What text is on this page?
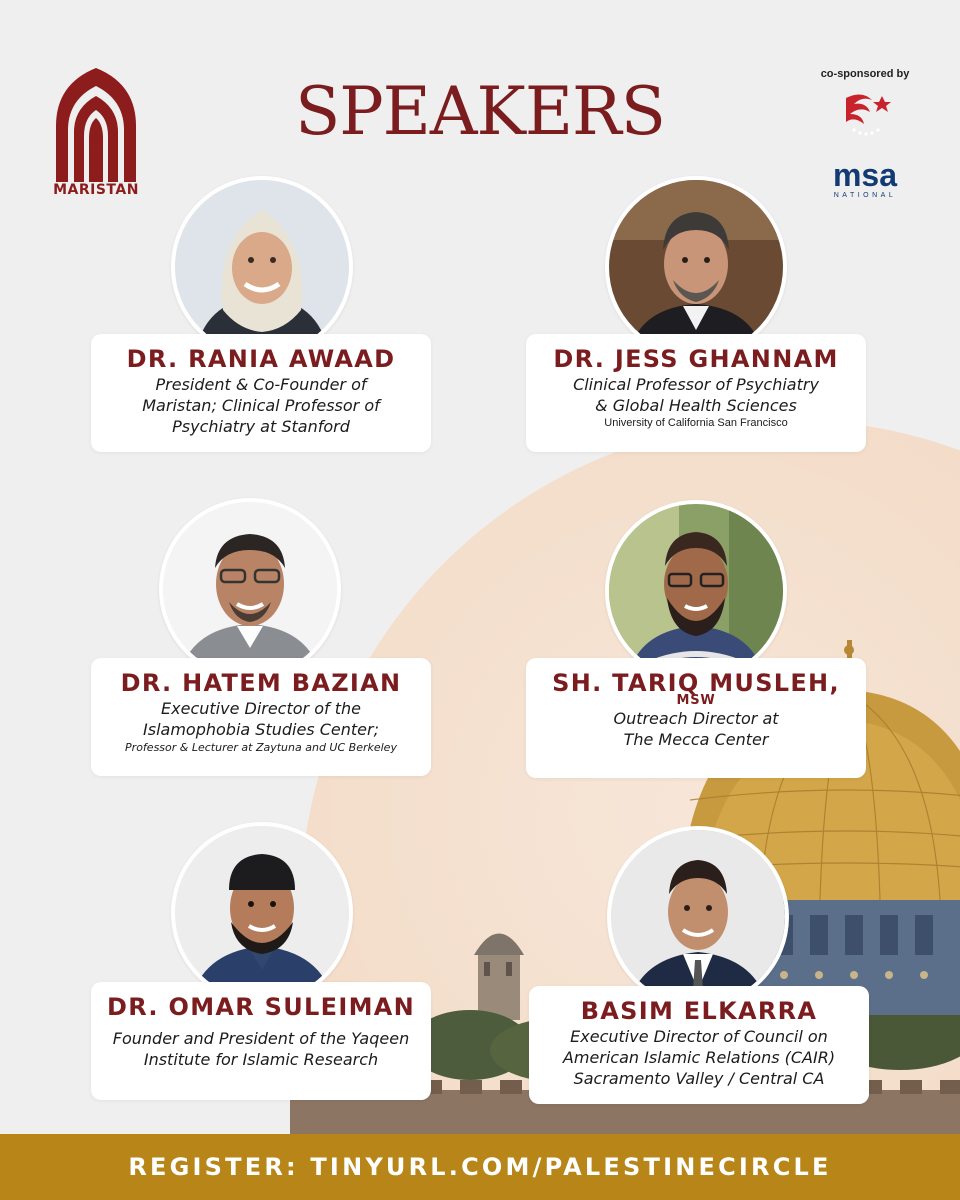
MARISTAN
SPEAKERS	co-sponsored by
msa
NATIONAL
DR. RANIA AWAAD
President & Co-Founder of
Maristan; Clinical Professor of
Psychiatry at Stanford
DR. JESS GHANNAM
Clinical Professor of Psychiatry
& Global Health Sciences
University of California San Francisco
DR. HATEM BAZIAN
Executive Director of the
Islamophobia Studies Center;
Professor & Lecturer at Zaytuna and UC Berkeley
SH. TARIQ MUSLEH,
MSW
Outreach Director at
The Mecca Center
DR. OMAR SULEIMAN
Founder and President of the Yaqeen
Institute for Islamic Research
BASIM ELKARRA
Executive Director of Council on
American Islamic Relations (CAIR)
Sacramento Valley / Central CA
REGISTER: TINYURL.COM/PALESTINECIRCLE
